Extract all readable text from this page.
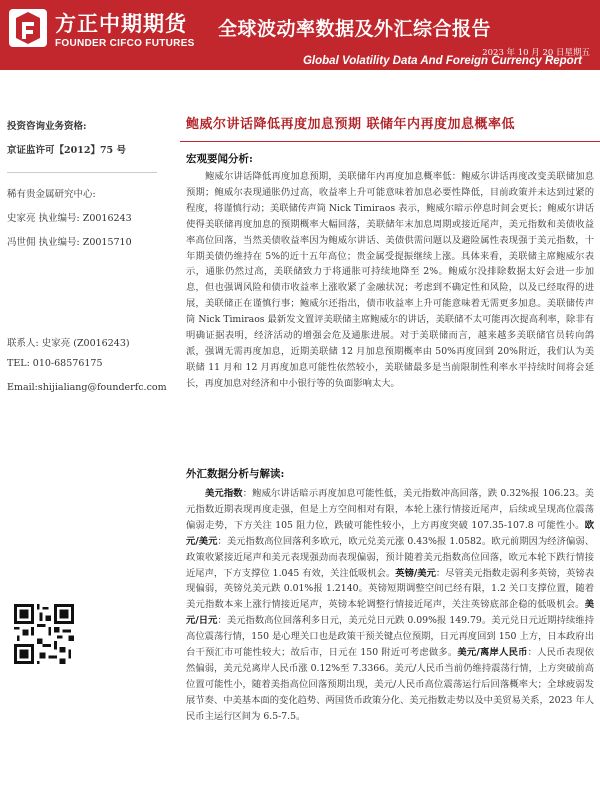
方正中期期货
FOUNDER CIFCO FUTURES
全球波动率数据及外汇综合报告
2023 年 10 月 20 日星期五
Global Volatility Data And Foreign Currency Report
投资咨询业务资格:
京证监许可【2012】75 号
稀有贵金属研究中心:
史家亮 执业编号: Z0016243
冯世佣 执业编号: Z0015710
联系人: 史家亮 (Z0016243)
TEL: 010-68576175
Email:shijialiang@founderfc.com
鲍威尔讲话降低再度加息预期 联储年内再度加息概率低
宏观要闻分析:

鲍威尔讲话降低再度加息预期，美联储年内再度加息概率低：鲍威尔讲话再度改变美联储加息预期；鲍威尔表现通胀仍过高，收益率上升可能意味着加息必要性降低，目前政策并未达到过紧的程度，将谨慎行动；美联储传声筒 Nick Timiraos 表示，鲍威尔暗示停息时间会更长；鲍威尔讲话使得美联储再度加息的预期概率大幅回落，美联储年末加息周期或接近尾声，美元指数和美债收益率高位回落，当然美债收益率因为鲍威尔讲话、美债供需问题以及避险属性表现强于美元指数，十年期美债仍维持在 5%的近十五年高位；贵金属受提振继续上涨。具体来看，美联储主席鲍威尔表示，通胀仍然过高，美联储致力于将通胀可持续地降至 2%。鲍威尔没排除数据太好会进一步加息，但也强调风险和债市收益率上涨收紧了金融状况；考虑到不确定性和风险，以及已经取得的进展，美联储正在谨慎行事；鲍威尔还指出，债市收益率上升可能意味着无需更多加息。美联储传声筒 Nick Timiraos 最新发文置评美联储主席鲍威尔的讲话，美联储不太可能再次提高利率，除非有明确证据表明，经济活动的增强会危及通胀进展。对于美联储而言，越来越多美联储官员转向鸽派，强调无需再度加息，近期美联储 12 月加息预期概率由 50%再度回到 20%附近，我们认为美联储 11 月和 12 月再度加息可能性依然较小，美联储最多是当前限制性利率水平持续时间将会延长，再度加息对经济和中小银行等的负面影响太大。

外汇数据分析与解读:

美元指数：鲍威尔讲话暗示再度加息可能性低，美元指数冲高回落，跌 0.32%报 106.23。美元指数近期表现再度走强，但是上方空间相对有限，本轮上涨行情接近尾声，后续或呈现高位震荡偏弱走势，下方关注 105 阻力位，跌破可能性较小，上方再度突破 107.35-107.8 可能性小。欧元/美元：美元指数高位回落利多欧元，欧元兑美元涨 0.43%报 1.0582。欧元前期因为经济偏弱、政策收紧接近尾声和美元表现强劲而表现偏弱，预计随着美元指数高位回落，欧元本轮下跌行情接近尾声，下方支撑位 1.045 有效，关注低吸机会。英镑/美元：尽管美元指数走弱利多英镑，英镑表现偏弱，英镑兑美元跌 0.01%报 1.2140。英镑短期调整空间已经有限，1.2 关口支撑位置，随着美元指数本来上涨行情接近尾声，英镑本轮调整行情接近尾声，关注英镑底部企稳的低吸机会。美元/日元：美元指数高位回落利多日元，美元兑日元跌 0.09%报 149.79。美元兑日元近期持续维持高位震荡行情，150 是心理关口也是政策干预关键点位预期，日元再度回到 150 上方，日本政府出台干预汇市可能性较大；故后市，日元在 150 附近可考虑做多。美元/离岸人民币：人民币表现依然偏弱，美元兑离岸人民币涨 0.12%至 7.3366。美元/人民币当前仍维持震荡行情，上方突破前高位置可能性小，随着美指高位回落预期出现，美元/人民币高位震荡运行后回落概率大；全球疲弱发展节奏、中美基本面的变化趋势、两国货币政策分化、美元指数走势以及中美贸易关系，2023 年人民币主运行区间为 6.5-7.5。
